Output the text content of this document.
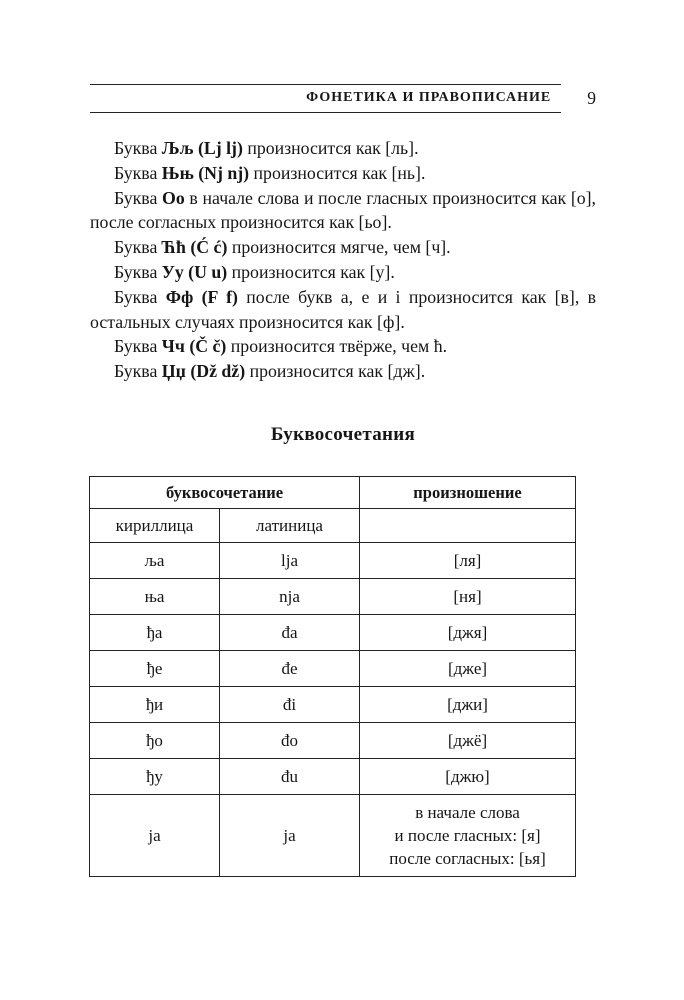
ФОНЕТИКА И ПРАВОПИСАНИЕ	9

Буква Љљ (Lj lj) произносится как [ль].

Буква Њњ (Nj nj) произносится как [нь].

Буква Оо в начале слова и после гласных произносится как [о], после согласных произносится как [ьо].

Буква Ћћ (Ć ć) произносится мягче, чем [ч].

Буква Уу (U u) произносится как [у].

Буква Фф (F f) после букв а, е и i произносится как [в], в остальных случаях произносится как [ф].

Буква Чч (Č č) произносится твёрже, чем ћ.

Буква Џџ (Dž dž) произносится как [дж].

Буквосочетания
буквосочетание		произношение
кириллица	латиница	
ља	lja	[ля]
ња	nja	[ня]
ђа	đa	[джя]
ђе	đe	[дже]
ђи	đi	[джи]
ђо	đo	[джё]
ђу	đu	[джю]
ја	ja	в начале слова
и после гласных: [я]
после согласных: [ья]
